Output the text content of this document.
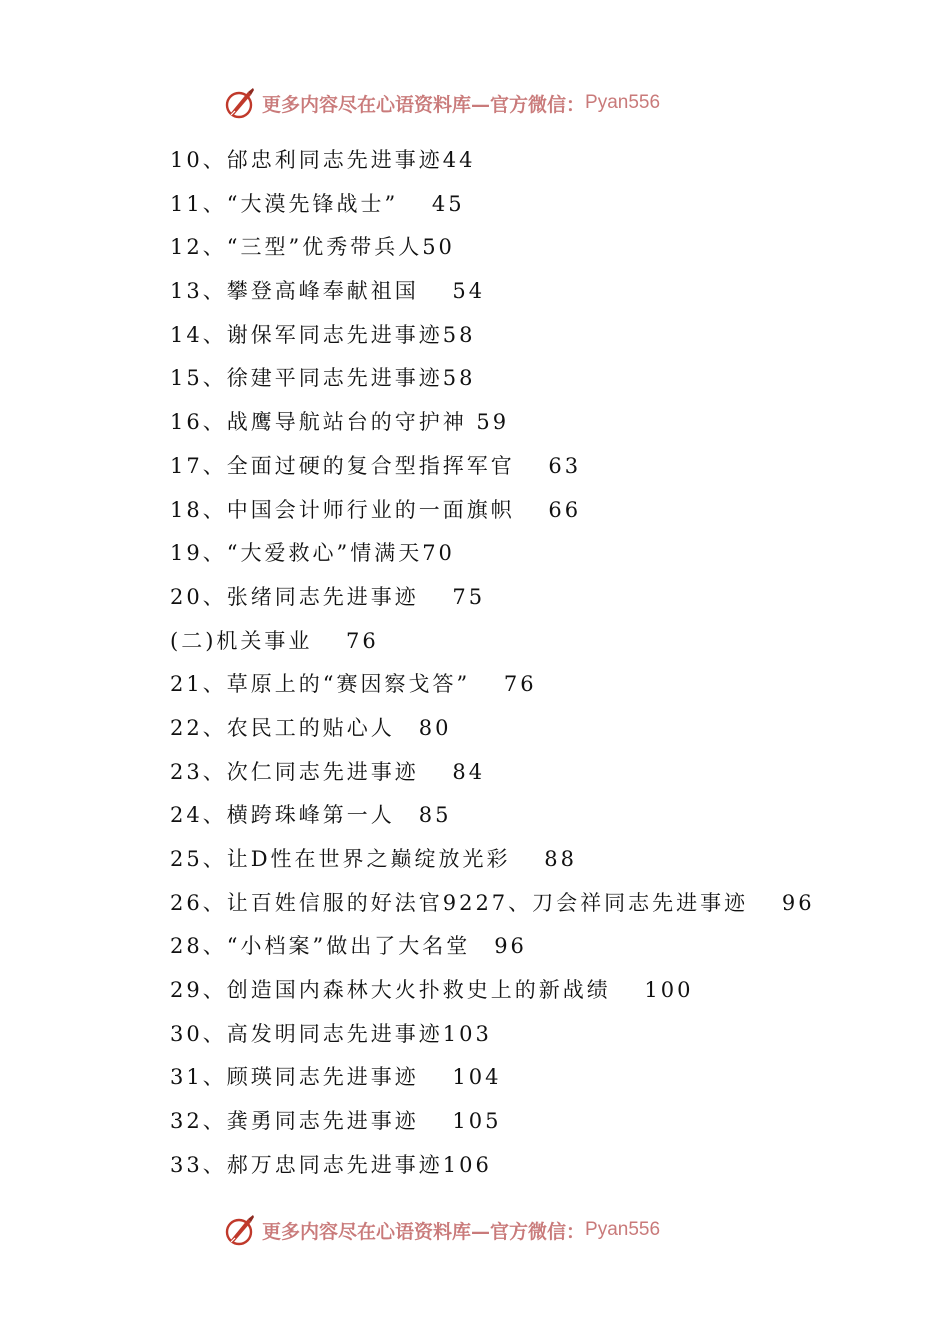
更多内容尽在心语资料库—官方微信： Pyan556
10、邰忠利同志先进事迹44
11、“大漠先锋战士”　 45
12、“三型”优秀带兵人50
13、攀登高峰奉献祖国　 54
14、谢保军同志先进事迹58
15、徐建平同志先进事迹58
16、战鹰导航站台的守护神 59
17、全面过硬的复合型指挥军官　 63
18、中国会计师行业的一面旗帜　 66
19、“大爱救心”情满天70
20、张绪同志先进事迹　 75
(二)机关事业　 76
21、草原上的“赛因察戈答”　 76
22、农民工的贴心人　80
23、次仁同志先进事迹　 84
24、横跨珠峰第一人　85
25、让D性在世界之巅绽放光彩　 88
26、让百姓信服的好法官9227、刀会祥同志先进事迹　 96
28、“小档案”做出了大名堂　96
29、创造国内森林大火扑救史上的新战绩　 100
30、高发明同志先进事迹103
31、顾瑛同志先进事迹　 104
32、龚勇同志先进事迹　 105
33、郝万忠同志先进事迹106
更多内容尽在心语资料库—官方微信： Pyan556
